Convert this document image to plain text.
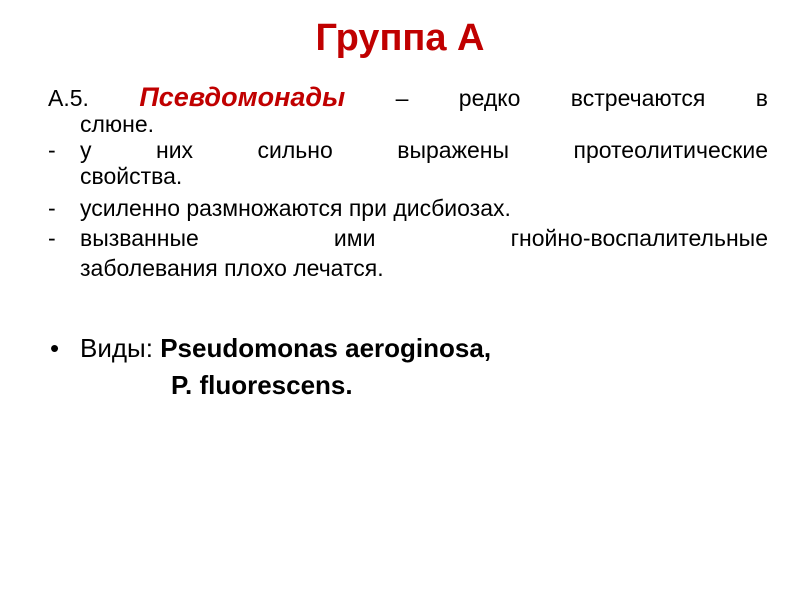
Группа А
А.5. Псевдомонады – редко встречаются в
слюне.
- у них сильно выражены протеолитические
свойства.
- усиленно размножаются при дисбиозах.
- вызванные ими гнойно-воспалительные
заболевания плохо лечатся.
• Виды: Pseudomonas aeroginosa,
P. fluorescens.
